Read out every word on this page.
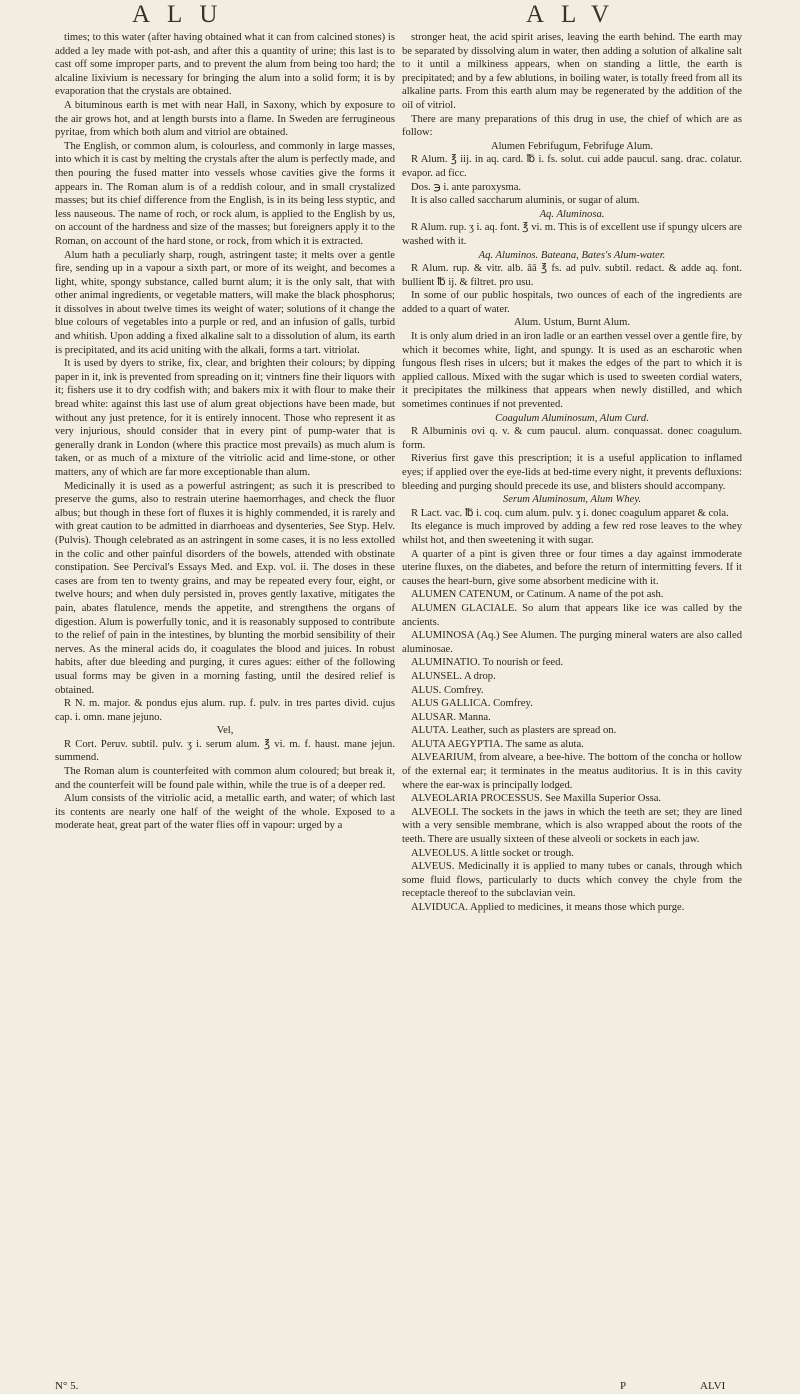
ALU	ALV

times; to this water (after having obtained what it can from calcined stones) is added a ley made with pot-ash, and after this a quantity of urine; this last is to cast off some improper parts, and to prevent the alum from being too hard; the alcaline lixivium is necessary for bringing the alum into a solid form; it is by evaporation that the crystals are obtained.

A bituminous earth is met with near Hall, in Saxony, which by exposure to the air grows hot, and at length bursts into a flame. In Sweden are ferrugineous pyritae, from which both alum and vitriol are obtained.

The English, or common alum, is colourless, and commonly in large masses, into which it is cast by melting the crystals after the alum is perfectly made, and then pouring the fused matter into vessels whose cavities give the forms it appears in. The Roman alum is of a reddish colour, and in small crystalized masses; but its chief difference from the English, is in its being less styptic, and less nauseous. The name of roch, or rock alum, is applied to the English by us, on account of the hardness and size of the masses; but foreigners apply it to the Roman, on account of the hard stone, or rock, from which it is extracted.

Alum hath a peculiarly sharp, rough, astringent taste; it melts over a gentle fire, sending up in a vapour a sixth part, or more of its weight, and becomes a light, white, spongy substance, called burnt alum; it is the only salt, that with other animal ingredients, or vegetable matters, will make the black phosphorus; it dissolves in about twelve times its weight of water; solutions of it change the blue colours of vegetables into a purple or red, and an infusion of galls, turbid and whitish. Upon adding a fixed alkaline salt to a dissolution of alum, its earth is precipitated, and its acid uniting with the alkali, forms a tart. vitriolat.

It is used by dyers to strike, fix, clear, and brighten their colours; by dipping paper in it, ink is prevented from spreading on it; vintners fine their liquors with it; fishers use it to dry codfish with; and bakers mix it with flour to make their bread white: against this last use of alum great objections have been made, but without any just pretence, for it is entirely innocent. Those who represent it as very injurious, should consider that in every pint of pump-water that is generally drank in London (where this practice most prevails) as much alum is taken, or as much of a mixture of the vitriolic acid and lime-stone, or other matters, any of which are far more exceptionable than alum.

Medicinally it is used as a powerful astringent; as such it is prescribed to preserve the gums, also to restrain uterine haemorrhages, and check the fluor albus; but though in these fort of fluxes it is highly commended, it is rarely and with great caution to be admitted in diarrhoeas and dysenteries, See Styp. Helv. (Pulvis). Though celebrated as an astringent in some cases, it is no less extolled in the colic and other painful disorders of the bowels, attended with obstinate constipation. See Percival's Essays Med. and Exp. vol. ii. The doses in these cases are from ten to twenty grains, and may be repeated every four, eight, or twelve hours; and when duly persisted in, proves gently laxative, mitigates the pain, abates flatulence, mends the appetite, and strengthens the organs of digestion. Alum is powerfully tonic, and it is reasonably supposed to contribute to the relief of pain in the intestines, by blunting the morbid sensibility of their nerves. As the mineral acids do, it coagulates the blood and juices. In robust habits, after due bleeding and purging, it cures agues: either of the following usual forms may be given in a morning fasting, until the desired relief is obtained.

R N. m. major. & pondus ejus alum. rup. f. pulv. in tres partes divid. cujus cap. i. omn. mane jejuno.

Vel,

R Cort. Peruv. subtil. pulv. ʒ i. serum alum. ℥ vi. m. f. haust. mane jejun. summend.

The Roman alum is counterfeited with common alum coloured; but break it, and the counterfeit will be found pale within, while the true is of a deeper red.

Alum consists of the vitriolic acid, a metallic earth, and water; of which last its contents are nearly one half of the weight of the whole. Exposed to a moderate heat, great part of the water flies off in vapour: urged by a

stronger heat, the acid spirit arises, leaving the earth behind. The earth may be separated by dissolving alum in water, then adding a solution of alkaline salt to it until a milkiness appears, when on standing a little, the earth is precipitated; and by a few ablutions, in boiling water, is totally freed from all its alkaline parts. From this earth alum may be regenerated by the addition of the oil of vitriol.

There are many preparations of this drug in use, the chief of which are as follow:

Alumen Febrifugum, Febrifuge Alum.

R Alum. ℥ iij. in aq. card. ℔ i. fs. solut. cui adde paucul. sang. drac. colatur. evapor. ad ficc.

Dos. ℈ i. ante paroxysma.

It is also called saccharum aluminis, or sugar of alum.

Aq. Aluminosa.

R Alum. rup. ʒ i. aq. font. ℥ vi. m. This is of excellent use if spungy ulcers are washed with it.

Aq. Aluminos. Bateana, Bates's Alum-water.

R Alum. rup. & vitr. alb. āā ℥ fs. ad pulv. subtil. redact. & adde aq. font. bullient ℔ ij. & filtret. pro usu.

In some of our public hospitals, two ounces of each of the ingredients are added to a quart of water.

Alum. Ustum, Burnt Alum.

It is only alum dried in an iron ladle or an earthen vessel over a gentle fire, by which it becomes white, light, and spungy. It is used as an escharotic when fungous flesh rises in ulcers; but it makes the edges of the part to which it is applied callous. Mixed with the sugar which is used to sweeten cordial waters, it precipitates the milkiness that appears when newly distilled, and which sometimes continues if not prevented.

Coagulum Aluminosum, Alum Curd.

R Albuminis ovi q. v. & cum paucul. alum. conquassat. donec coagulum. form.

Riverius first gave this prescription; it is a useful application to inflamed eyes; if applied over the eye-lids at bed-time every night, it prevents defluxions: bleeding and purging should precede its use, and blisters should accompany.

Serum Aluminosum, Alum Whey.

R Lact. vac. ℔ i. coq. cum alum. pulv. ʒ i. donec coagulum apparet & cola.

Its elegance is much improved by adding a few red rose leaves to the whey whilst hot, and then sweetening it with sugar.

A quarter of a pint is given three or four times a day against immoderate uterine fluxes, on the diabetes, and before the return of intermitting fevers. If it causes the heart-burn, give some absorbent medicine with it.

ALUMEN CATENUM, or Catinum. A name of the pot ash.

ALUMEN GLACIALE. So alum that appears like ice was called by the ancients.

ALUMINOSA (Aq.) See Alumen. The purging mineral waters are also called aluminosae.

ALUMINATIO. To nourish or feed.

ALUNSEL. A drop.

ALUS. Comfrey.

ALUS GALLICA. Comfrey.

ALUSAR. Manna.

ALUTA. Leather, such as plasters are spread on.

ALUTA AEGYPTIA. The same as aluta.

ALVEARIUM, from alveare, a bee-hive. The bottom of the concha or hollow of the external ear; it terminates in the meatus auditorius. It is in this cavity where the ear-wax is principally lodged.

ALVEOLARIA PROCESSUS. See Maxilla Superior Ossa.

ALVEOLI. The sockets in the jaws in which the teeth are set; they are lined with a very sensible membrane, which is also wrapped about the roots of the teeth. There are usually sixteen of these alveoli or sockets in each jaw.

ALVEOLUS. A little socket or trough.

ALVEUS. Medicinally it is applied to many tubes or canals, through which some fluid flows, particularly to ducts which convey the chyle from the receptacle thereof to the subclavian vein.

ALVIDUCA. Applied to medicines, it means those which purge.

N° 5.	P	ALVI
